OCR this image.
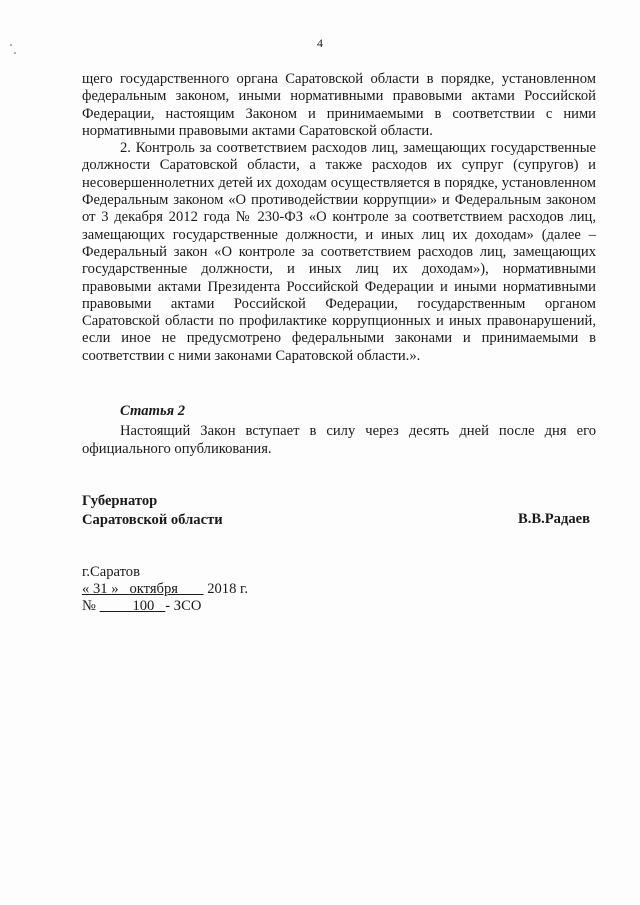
4

щего государственного органа Саратовской области в порядке, установленном федеральным законом, иными нормативными правовыми актами Российской Федерации, настоящим Законом и принимаемыми в соответствии с ними нормативными правовыми актами Саратовской области.

2. Контроль за соответствием расходов лиц, замещающих государственные должности Саратовской области, а также расходов их супруг (супругов) и несовершеннолетних детей их доходам осуществляется в порядке, установленном Федеральным законом «О противодействии коррупции» и Федеральным законом от 3 декабря 2012 года № 230-ФЗ «О контроле за соответствием расходов лиц, замещающих государственные должности, и иных лиц их доходам» (далее – Федеральный закон «О контроле за соответствием расходов лиц, замещающих государственные должности, и иных лиц их доходам»), нормативными правовыми актами Президента Российской Федерации и иными нормативными правовыми актами Российской Федерации, государственным органом Саратовской области по профилактике коррупционных и иных правонарушений, если иное не предусмотрено федеральными законами и принимаемыми в соответствии с ними законами Саратовской области.».

Статья 2

Настоящий Закон вступает в силу через десять дней после дня его официального опубликования.

Губернатор
Саратовской области	В.В.Радаев
г.Саратов
« 31 » октября 2018 г.
№	100 - ЗСО
